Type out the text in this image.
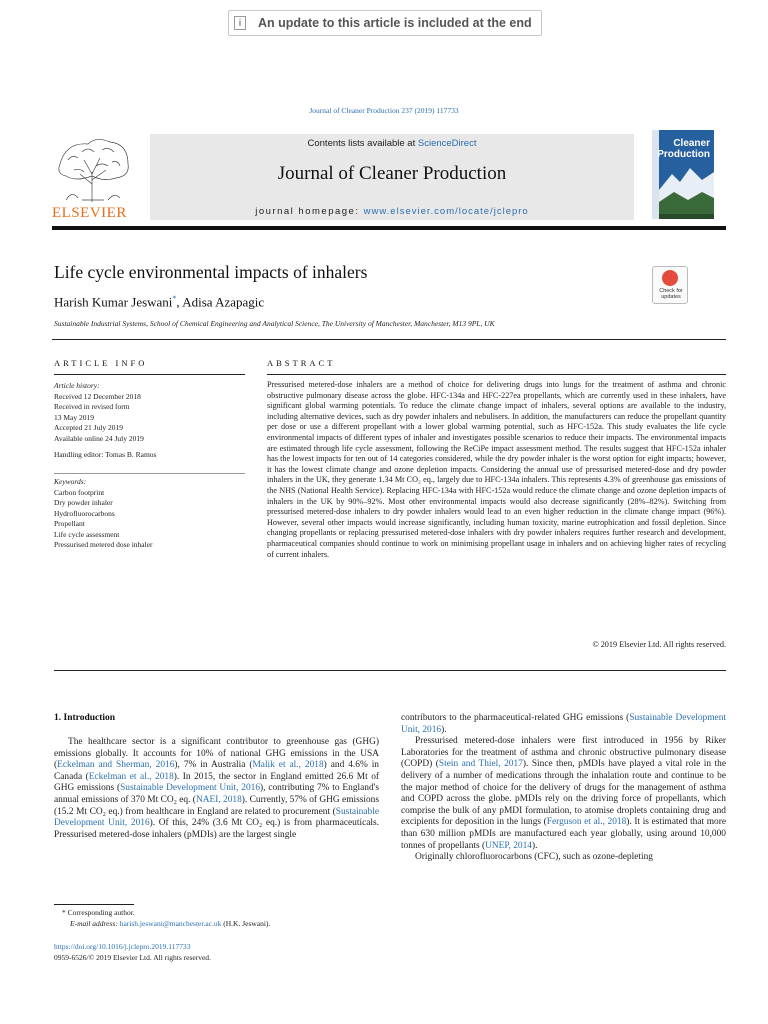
i	An update to this article is included at the end
Journal of Cleaner Production 237 (2019) 117733
ELSEVIER
Contents lists available at ScienceDirect
Journal of Cleaner Production
journal homepage: www.elsevier.com/locate/jclepro
Cleaner
Production
Life cycle environmental impacts of inhalers
Harish Kumar Jeswani*, Adisa Azapagic
Sustainable Industrial Systems, School of Chemical Engineering and Analytical Science, The University of Manchester, Manchester, M13 9PL, UK
Check for
updates
ARTICLE INFO
Article history:
Received 12 December 2018
Received in revised form
13 May 2019
Accepted 21 July 2019
Available online 24 July 2019
Handling editor: Tomas B. Ramos
Keywords:
Carbon footprint
Dry powder inhaler
Hydrofluorocarbons
Propellant
Life cycle assessment
Pressurised metered dose inhaler
ABSTRACT
Pressurised metered-dose inhalers are a method of choice for delivering drugs into lungs for the treatment of asthma and chronic obstructive pulmonary disease across the globe. HFC-134a and HFC-227ea propellants, which are currently used in these inhalers, have significant global warming potentials. To reduce the climate change impact of inhalers, several options are available to the industry, including alternative devices, such as dry powder inhalers and nebulisers. In addition, the manufacturers can reduce the propellant quantity per dose or use a different propellant with a lower global warming potential, such as HFC-152a. This study evaluates the life cycle environmental impacts of different types of inhaler and investigates possible scenarios to reduce their impacts. The environmental impacts are estimated through life cycle assessment, following the ReCiPe impact assessment method. The results suggest that HFC-152a inhaler has the lowest impacts for ten out of 14 categories considered, while the dry powder inhaler is the worst option for eight impacts; however, it has the lowest climate change and ozone depletion impacts. Considering the annual use of pressurised metered-dose and dry powder inhalers in the UK, they generate 1.34 Mt CO₂ eq., largely due to HFC-134a inhalers. This represents 4.3% of greenhouse gas emissions of the NHS (National Health Service). Replacing HFC-134a with HFC-152a would reduce the climate change and ozone depletion impacts of inhalers in the UK by 90%–92%. Most other environmental impacts would also decrease significantly (28%–82%). Switching from pressurised metered-dose inhalers to dry powder inhalers would lead to an even higher reduction in the climate change impact (96%). However, several other impacts would increase significantly, including human toxicity, marine eutrophication and fossil depletion. Since changing propellants or replacing pressurised metered-dose inhalers with dry powder inhalers requires further research and development, pharmaceutical companies should continue to work on minimising propellant usage in inhalers and on achieving higher rates of recycling of current inhalers.
© 2019 Elsevier Ltd. All rights reserved.
1. Introduction

The healthcare sector is a significant contributor to greenhouse gas (GHG) emissions globally. It accounts for 10% of national GHG emissions in the USA (Eckelman and Sherman, 2016), 7% in Australia (Malik et al., 2018) and 4.6% in Canada (Eckelman et al., 2018). In 2015, the sector in England emitted 26.6 Mt of GHG emissions (Sustainable Development Unit, 2016), contributing 7% to England's annual emissions of 370 Mt CO₂ eq. (NAEI, 2018). Currently, 57% of GHG emissions (15.2 Mt CO₂ eq.) from healthcare in England are related to procurement (Sustainable Development Unit, 2016). Of this, 24% (3.6 Mt CO₂ eq.) is from pharmaceuticals. Pressurised metered-dose inhalers (pMDIs) are the largest single

contributors to the pharmaceutical-related GHG emissions (Sustainable Development Unit, 2016).

Pressurised metered-dose inhalers were first introduced in 1956 by Riker Laboratories for the treatment of asthma and chronic obstructive pulmonary disease (COPD) (Stein and Thiel, 2017). Since then, pMDIs have played a vital role in the delivery of a number of medications through the inhalation route and continue to be the major method of choice for the delivery of drugs for the management of asthma and COPD across the globe. pMDIs rely on the driving force of propellants, which comprise the bulk of any pMDI formulation, to atomise droplets containing drug and excipients for deposition in the lungs (Ferguson et al., 2018). It is estimated that more than 630 million pMDIs are manufactured each year globally, using around 10,000 tonnes of propellants (UNEP, 2014).

Originally chlorofluorocarbons (CFC), such as ozone-depleting

* Corresponding author.
E-mail address: harish.jeswani@manchester.ac.uk (H.K. Jeswani).
https://doi.org/10.1016/j.jclepro.2019.117733
0959-6526/© 2019 Elsevier Ltd. All rights reserved.
